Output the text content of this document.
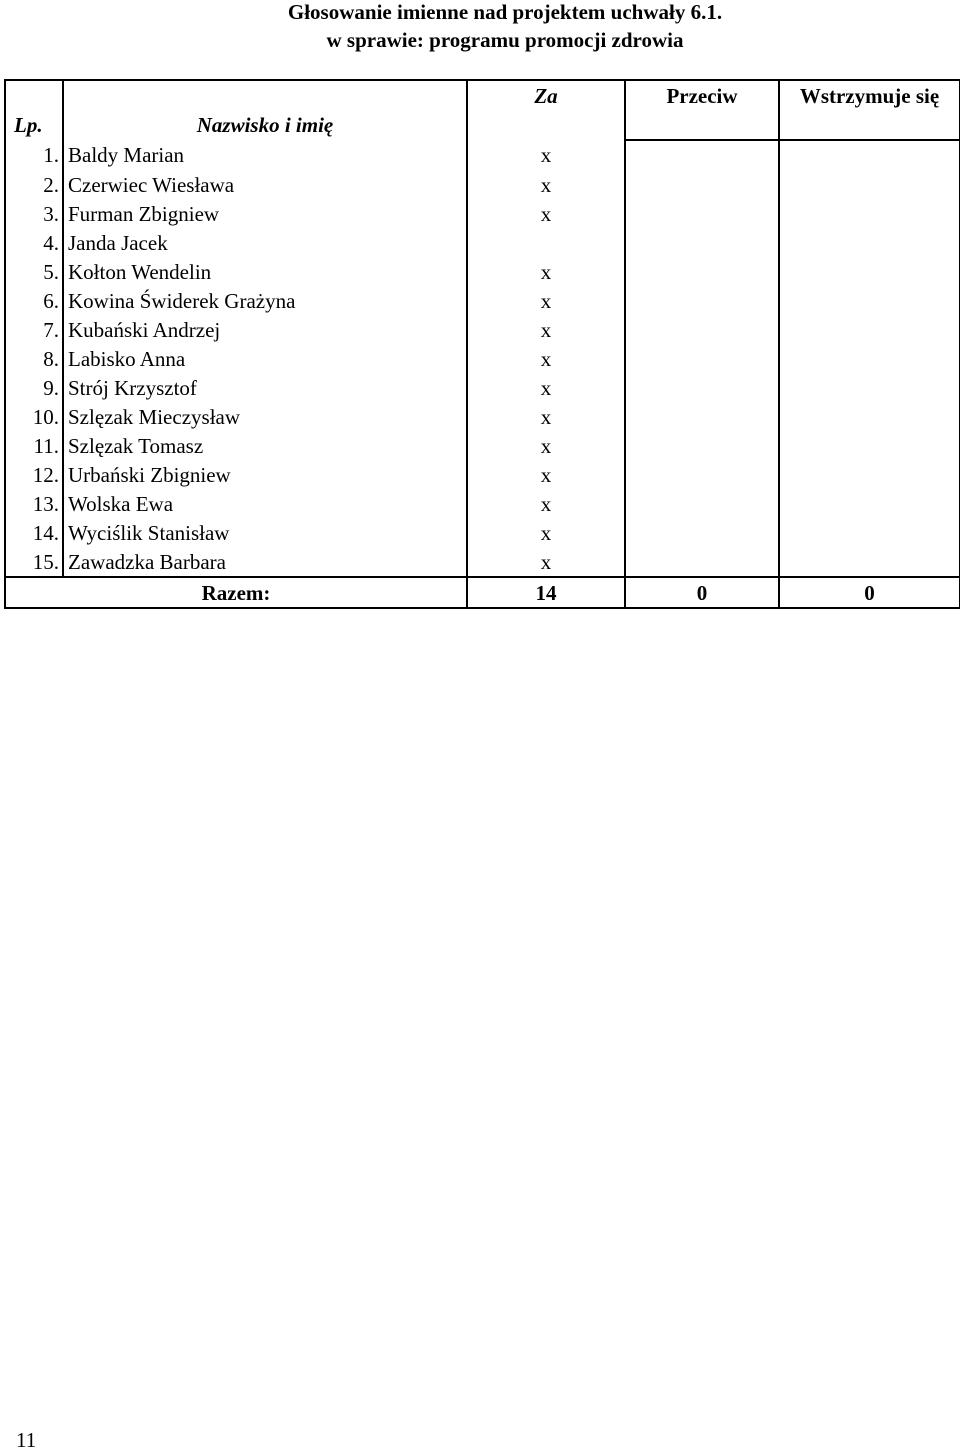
Głosowanie imienne nad projektem uchwały 6.1.
w sprawie: programu promocji zdrowia
		Za	Przeciw	Wstrzymuje się
Lp.	Nazwisko i imię			
1.	Baldy Marian	x		
2.	Czerwiec Wiesława	x		
3.	Furman Zbigniew	x		
4.	Janda Jacek			
5.	Kołton Wendelin	x		
6.	Kowina Świderek Grażyna	x		
7.	Kubański Andrzej	x		
8.	Labisko Anna	x		
9.	Strój Krzysztof	x		
10.	Szlęzak Mieczysław	x		
11.	Szlęzak Tomasz	x		
12.	Urbański Zbigniew	x		
13.	Wolska Ewa	x		
14.	Wyciślik Stanisław	x		
15.	Zawadzka Barbara	x		
Razem:		14	0	0
11
